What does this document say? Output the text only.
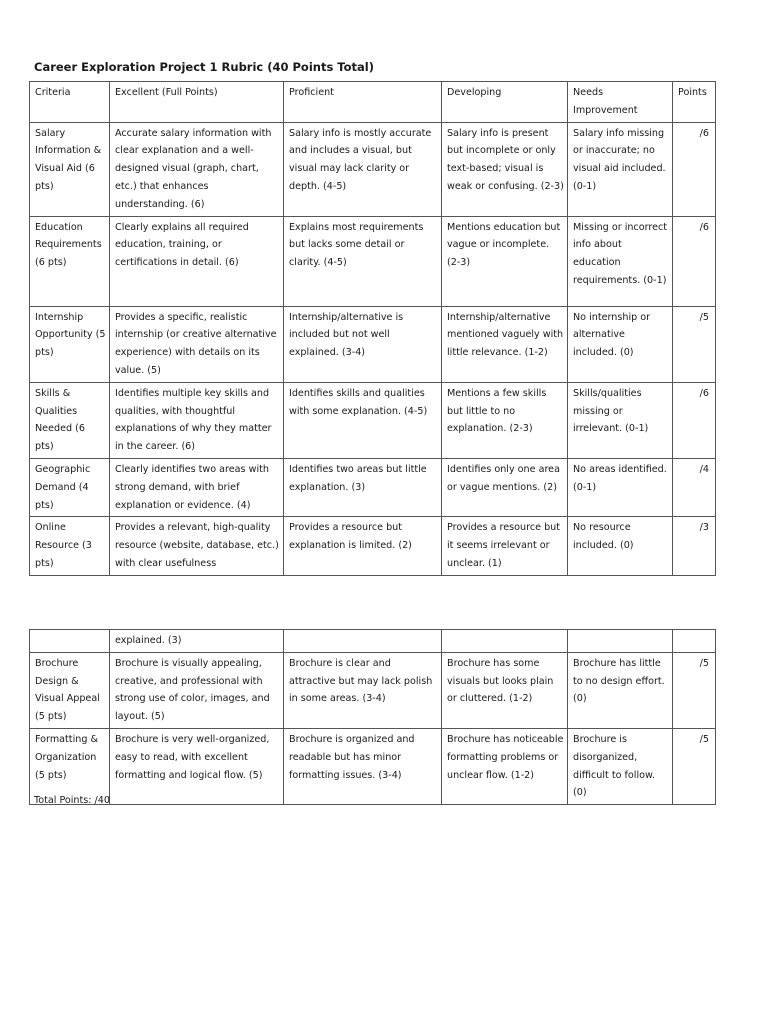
Career Exploration Project 1 Rubric (40 Points Total)
Criteria	Excellent (Full Points)	Proficient	Developing	Needs Improvement	Points
Salary Information & Visual Aid (6 pts)	Accurate salary information with clear explanation and a well-designed visual (graph, chart, etc.) that enhances understanding. (6)	Salary info is mostly accurate and includes a visual, but visual may lack clarity or depth. (4-5)	Salary info is present but incomplete or only text-based; visual is weak or confusing. (2-3)	Salary info missing or inaccurate; no visual aid included. (0-1)	/6
Education Requirements (6 pts)	Clearly explains all required education, training, or certifications in detail. (6)	Explains most requirements but lacks some detail or clarity. (4-5)	Mentions education but vague or incomplete. (2-3)	Missing or incorrect info about education requirements. (0-1)	/6
Internship Opportunity (5 pts)	Provides a specific, realistic internship (or creative alternative experience) with details on its value. (5)	Internship/alternative is included but not well explained. (3-4)	Internship/alternative mentioned vaguely with little relevance. (1-2)	No internship or alternative included. (0)	/5
Skills & Qualities Needed (6 pts)	Identifies multiple key skills and qualities, with thoughtful explanations of why they matter in the career. (6)	Identifies skills and qualities with some explanation. (4-5)	Mentions a few skills but little to no explanation. (2-3)	Skills/qualities missing or irrelevant. (0-1)	/6
Geographic Demand (4 pts)	Clearly identifies two areas with strong demand, with brief explanation or evidence. (4)	Identifies two areas but little explanation. (3)	Identifies only one area or vague mentions. (2)	No areas identified. (0-1)	/4
Online Resource (3 pts)	Provides a relevant, high-quality resource (website, database, etc.) with clear usefulness	Provides a resource but explanation is limited. (2)	Provides a resource but it seems irrelevant or unclear. (1)	No resource included. (0)	/3
	explained. (3)				
Brochure Design & Visual Appeal (5 pts)	Brochure is visually appealing, creative, and professional with strong use of color, images, and layout. (5)	Brochure is clear and attractive but may lack polish in some areas. (3-4)	Brochure has some visuals but looks plain or cluttered. (1-2)	Brochure has little to no design effort. (0)	/5
Formatting & Organization (5 pts)	Brochure is very well-organized, easy to read, with excellent formatting and logical flow. (5)	Brochure is organized and readable but has minor formatting issues. (3-4)	Brochure has noticeable formatting problems or unclear flow. (1-2)	Brochure is disorganized, difficult to follow. (0)	/5
Total Points: /40
